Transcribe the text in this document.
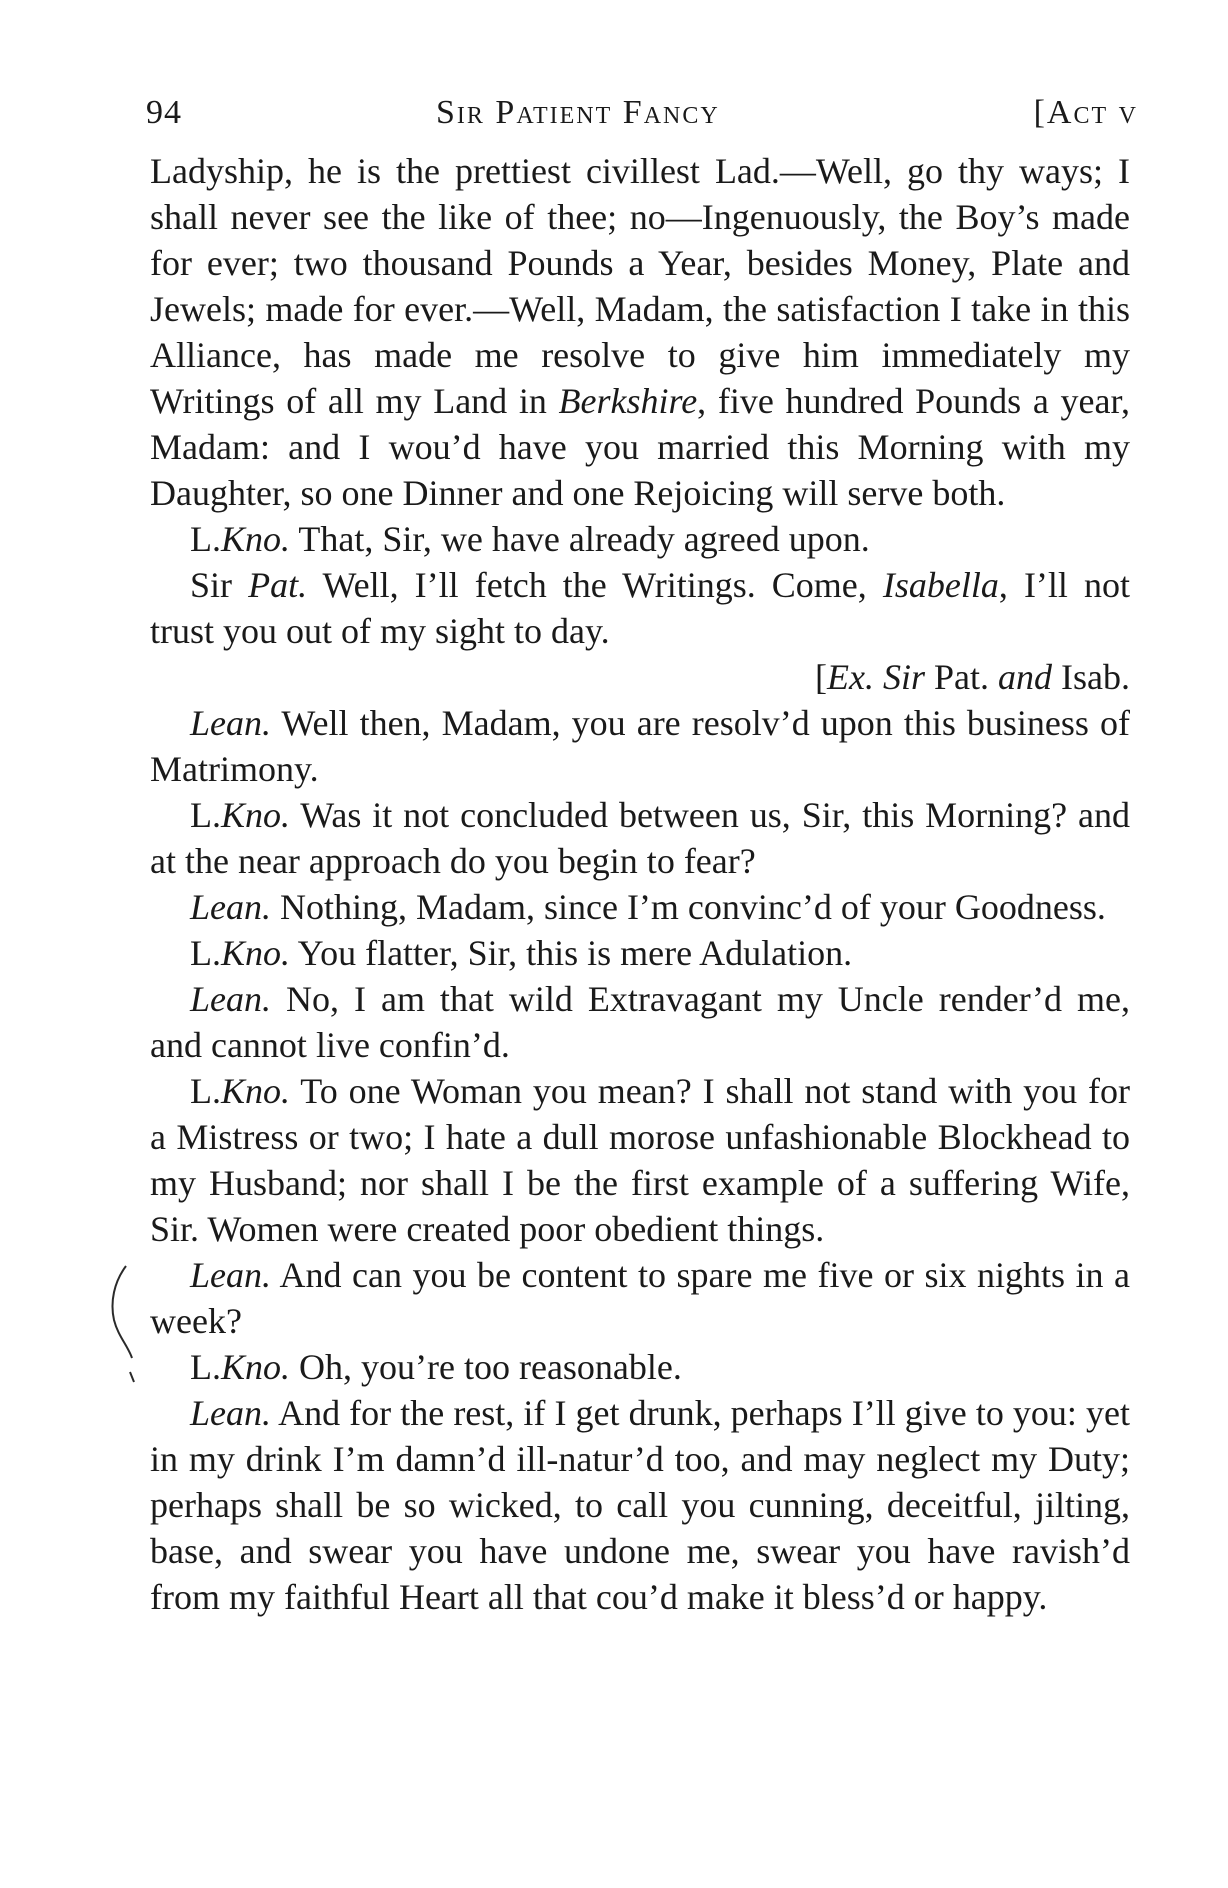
94	Sir Patient Fancy	[Act v

Ladyship, he is the prettiest civillest Lad.—Well, go thy ways; I shall never see the like of thee; no—Ingenuously, the Boy’s made for ever; two thousand Pounds a Year, besides Money, Plate and Jewels; made for ever.—Well, Madam, the satisfaction I take in this Alliance, has made me resolve to give him immediately my Writings of all my Land in Berkshire, five hundred Pounds a year, Madam: and I wou’d have you married this Morning with my Daughter, so one Dinner and one Rejoicing will serve both.

L.Kno. That, Sir, we have already agreed upon.

Sir Pat. Well, I’ll fetch the Writings. Come, Isabella, I’ll not trust you out of my sight to day.

[Ex. Sir Pat. and Isab.

Lean. Well then, Madam, you are resolv’d upon this business of Matrimony.

L.Kno. Was it not concluded between us, Sir, this Morning? and at the near approach do you begin to fear?

Lean. Nothing, Madam, since I’m convinc’d of your Goodness.

L.Kno. You flatter, Sir, this is mere Adulation.

Lean. No, I am that wild Extravagant my Uncle render’d me, and cannot live confin’d.

L.Kno. To one Woman you mean? I shall not stand with you for a Mistress or two; I hate a dull morose unfashionable Blockhead to my Husband; nor shall I be the first example of a suffering Wife, Sir. Women were created poor obedient things.

Lean. And can you be content to spare me five or six nights in a week?

L.Kno. Oh, you’re too reasonable.

Lean. And for the rest, if I get drunk, perhaps I’ll give to you: yet in my drink I’m damn’d ill-natur’d too, and may neglect my Duty; perhaps shall be so wicked, to call you cunning, deceitful, jilting, base, and swear you have undone me, swear you have ravish’d from my faithful Heart all that cou’d make it bless’d or happy.
